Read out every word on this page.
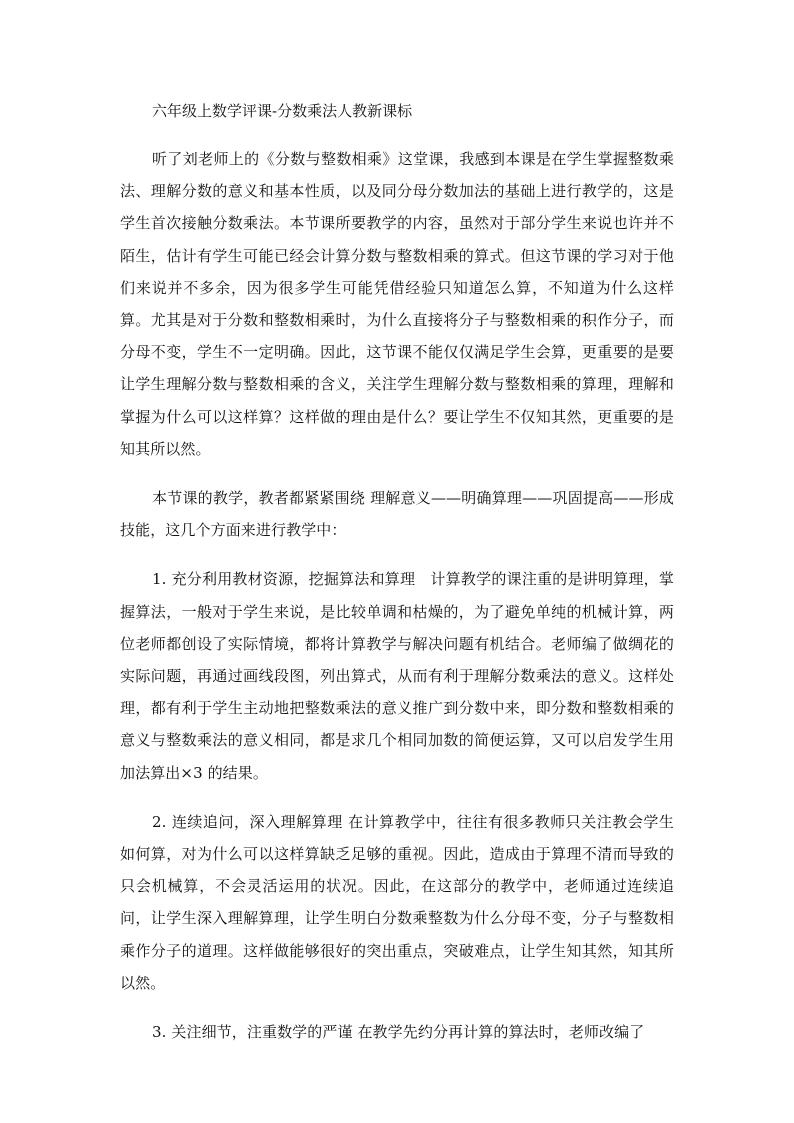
六年级上数学评课-分数乘法人教新课标

听了刘老师上的《分数与整数相乘》这堂课，我感到本课是在学生掌握整数乘法、理解分数的意义和基本性质，以及同分母分数加法的基础上进行教学的，这是学生首次接触分数乘法。本节课所要教学的内容，虽然对于部分学生来说也许并不陌生，估计有学生可能已经会计算分数与整数相乘的算式。但这节课的学习对于他们来说并不多余，因为很多学生可能凭借经验只知道怎么算，不知道为什么这样算。尤其是对于分数和整数相乘时，为什么直接将分子与整数相乘的积作分子，而分母不变，学生不一定明确。因此，这节课不能仅仅满足学生会算，更重要的是要让学生理解分数与整数相乘的含义，关注学生理解分数与整数相乘的算理，理解和掌握为什么可以这样算？这样做的理由是什么？要让学生不仅知其然，更重要的是知其所以然。

本节课的教学，教者都紧紧围绕 理解意义——明确算理——巩固提高——形成技能，这几个方面来进行教学中：

1. 充分利用教材资源，挖掘算法和算理　计算教学的课注重的是讲明算理，掌握算法，一般对于学生来说，是比较单调和枯燥的，为了避免单纯的机械计算，两位老师都创设了实际情境，都将计算教学与解决问题有机结合。老师编了做绸花的实际问题，再通过画线段图，列出算式，从而有利于理解分数乘法的意义。这样处理，都有利于学生主动地把整数乘法的意义推广到分数中来，即分数和整数相乘的意义与整数乘法的意义相同，都是求几个相同加数的简便运算，又可以启发学生用加法算出×3 的结果。

2. 连续追问，深入理解算理 在计算教学中，往往有很多教师只关注教会学生如何算，对为什么可以这样算缺乏足够的重视。因此，造成由于算理不清而导致的只会机械算，不会灵活运用的状况。因此，在这部分的教学中，老师通过连续追问，让学生深入理解算理，让学生明白分数乘整数为什么分母不变，分子与整数相乘作分子的道理。这样做能够很好的突出重点，突破难点，让学生知其然，知其所以然。

3. 关注细节，注重数学的严谨 在教学先约分再计算的算法时，老师改编了
